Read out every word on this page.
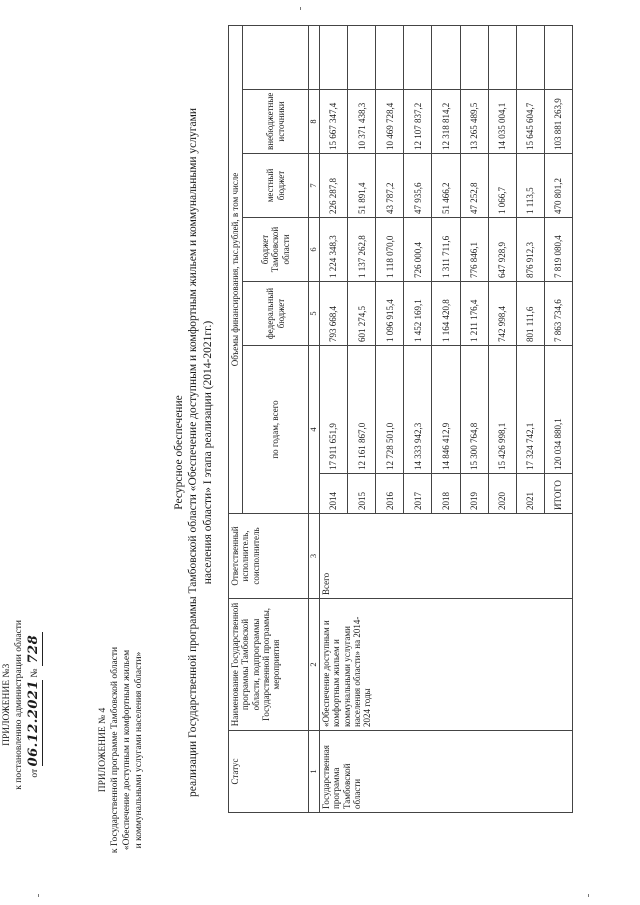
ПРИЛОЖЕНИЕ №3 к постановлению администрации области от 06.12.2021 № 728
ПРИЛОЖЕНИЕ № 4 к Государственной программе Тамбовской области «Обеспечение доступным и комфортным жильем и коммунальными услугами населения области»
Ресурсное обеспечение реализации Государственной программы Тамбовской области «Обеспечение доступным и комфортным жильем и коммунальными услугами населения области» I этапа реализации (2014-2021гг.)
Статус	Наименование Государственной программы Тамбовской области, подпрограммы Государственной программы, мероприятия	Ответственный исполнитель, соисполнитель	Объемы финансирования, тыс.рублей, в том числе						
			по годам, всего		федеральный бюджет	бюджет Тамбовской области	местный бюджет	внебюджетные источники	
1	2	3	4		5	6	7	8	
Государственная программа Тамбовской области	«Обеспечение доступным и комфортным жильем и коммунальными услугами населения области» на 2014-2024 годы	Всего	2014	17 911 651,9	793 668,4	1 224 348,3	226 287,8	15 667 347,4	
			2015	12 161 867,0	601 274,5	1 137 262,8	51 891,4	10 371 438,3	
			2016	12 728 501,0	1 096 915,4	1 118 070,0	43 787,2	10 469 728,4	
			2017	14 333 942,3	1 452 169,1	726 000,4	47 935,6	12 107 837,2	
			2018	14 846 412,9	1 164 420,8	1 311 711,6	51 466,2	12 318 814,2	
			2019	15 300 764,8	1 211 176,4	776 846,1	47 252,8	13 265 489,5	
			2020	15 426 998,1	742 998,4	647 928,9	1 066,7	14 035 004,1	
			2021	17 324 742,1	801 111,6	876 912,3	1 113,5	15 645 604,7	
			ИТОГО	120 034 880,1	7 863 734,6	7 819 080,4	470 801,2	103 881 263,9	
